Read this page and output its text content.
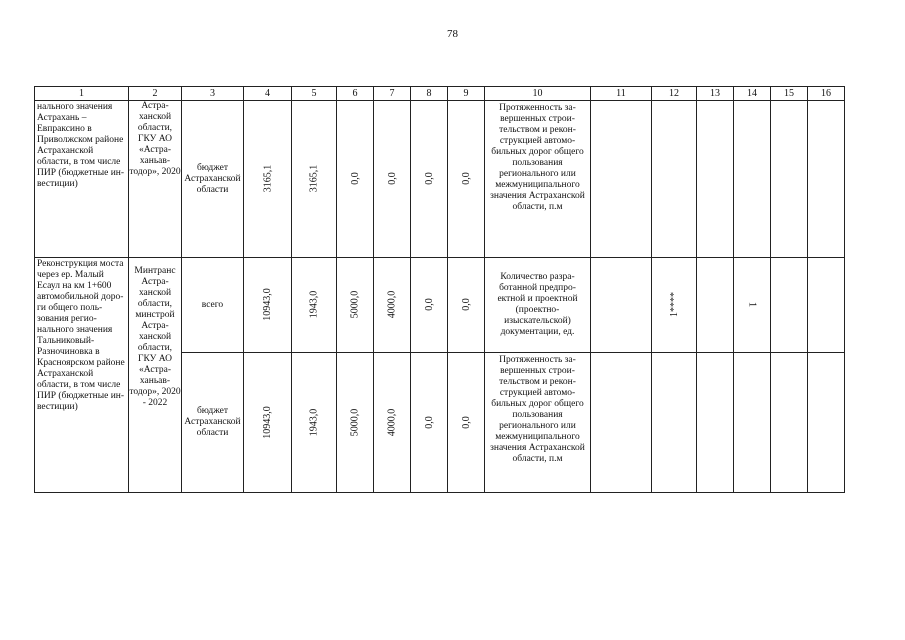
78
1	2	3	4	5	6	7	8	9	10	11	12	13	14	15	16
нального значения Астрахань – Евпраксино в Приволжском районе Астраханской области, в том числе ПИР (бюджетные инвестиции)	Астраханской области, ГКУ АО «Астраханьавтодор», 2020	бюджет Астраханской области	3165,1	3165,1	0,0	0,0	0,0	0,0	Протяженность завершенных строительством и реконструкцией автомобильных дорог общего пользования регионального или межмуниципального значения Астраханской области, п.м						
Реконструкция моста через ер. Малый Есаул на км 1+600 автомобильной дороги общего пользования регионального значения Тальниковый-Разночиновка в Красноярском районе Астраханской области, в том числе ПИР (бюджетные инвестиции)	Минтранс Астраханской области, минстрой Астраханской области, ГКУ АО «Астраханьавтодор», 2020 - 2022	всего	10943,0	1943,0	5000,0	4000,0	0,0	0,0	Количество разработанной предпроектной и проектной (проектно-изыскательской) документации, ед.		1****		1		
		бюджет Астраханской области	10943,0	1943,0	5000,0	4000,0	0,0	0,0	Протяженность завершенных строительством и реконструкцией автомобильных дорог общего пользования регионального или межмуниципального значения Астраханской области, п.м						
